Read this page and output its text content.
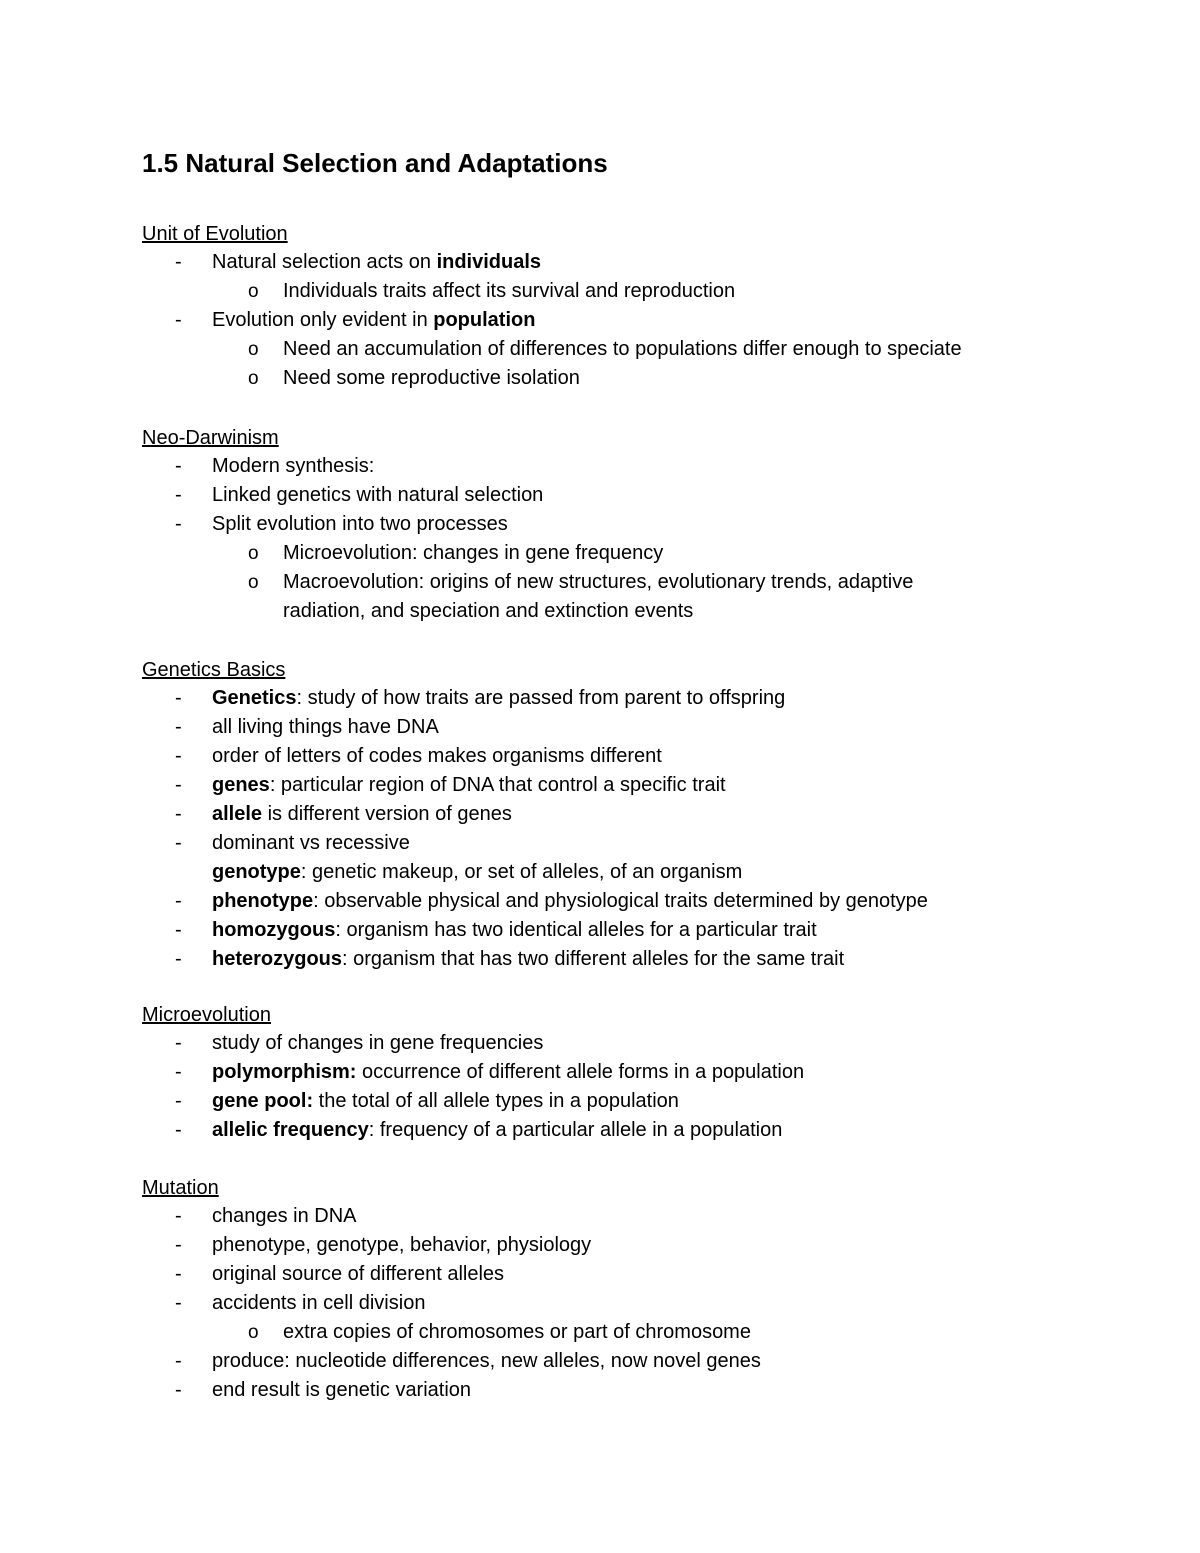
1.5 Natural Selection and Adaptations
Unit of Evolution
- Natural selection acts on individuals
o Individuals traits affect its survival and reproduction
- Evolution only evident in population
o Need an accumulation of differences to populations differ enough to speciate
o Need some reproductive isolation
Neo-Darwinism
- Modern synthesis:
- Linked genetics with natural selection
- Split evolution into two processes
o Microevolution: changes in gene frequency
o Macroevolution: origins of new structures, evolutionary trends, adaptive
radiation, and speciation and extinction events
Genetics Basics
- Genetics: study of how traits are passed from parent to offspring
- all living things have DNA
- order of letters of codes makes organisms different
- genes: particular region of DNA that control a specific trait
- allele is different version of genes
- dominant vs recessive
genotype: genetic makeup, or set of alleles, of an organism
- phenotype: observable physical and physiological traits determined by genotype
- homozygous: organism has two identical alleles for a particular trait
- heterozygous: organism that has two different alleles for the same trait
Microevolution
- study of changes in gene frequencies
- polymorphism: occurrence of different allele forms in a population
- gene pool: the total of all allele types in a population
- allelic frequency: frequency of a particular allele in a population
Mutation
- changes in DNA
- phenotype, genotype, behavior, physiology
- original source of different alleles
- accidents in cell division
o extra copies of chromosomes or part of chromosome
- produce: nucleotide differences, new alleles, now novel genes
- end result is genetic variation
